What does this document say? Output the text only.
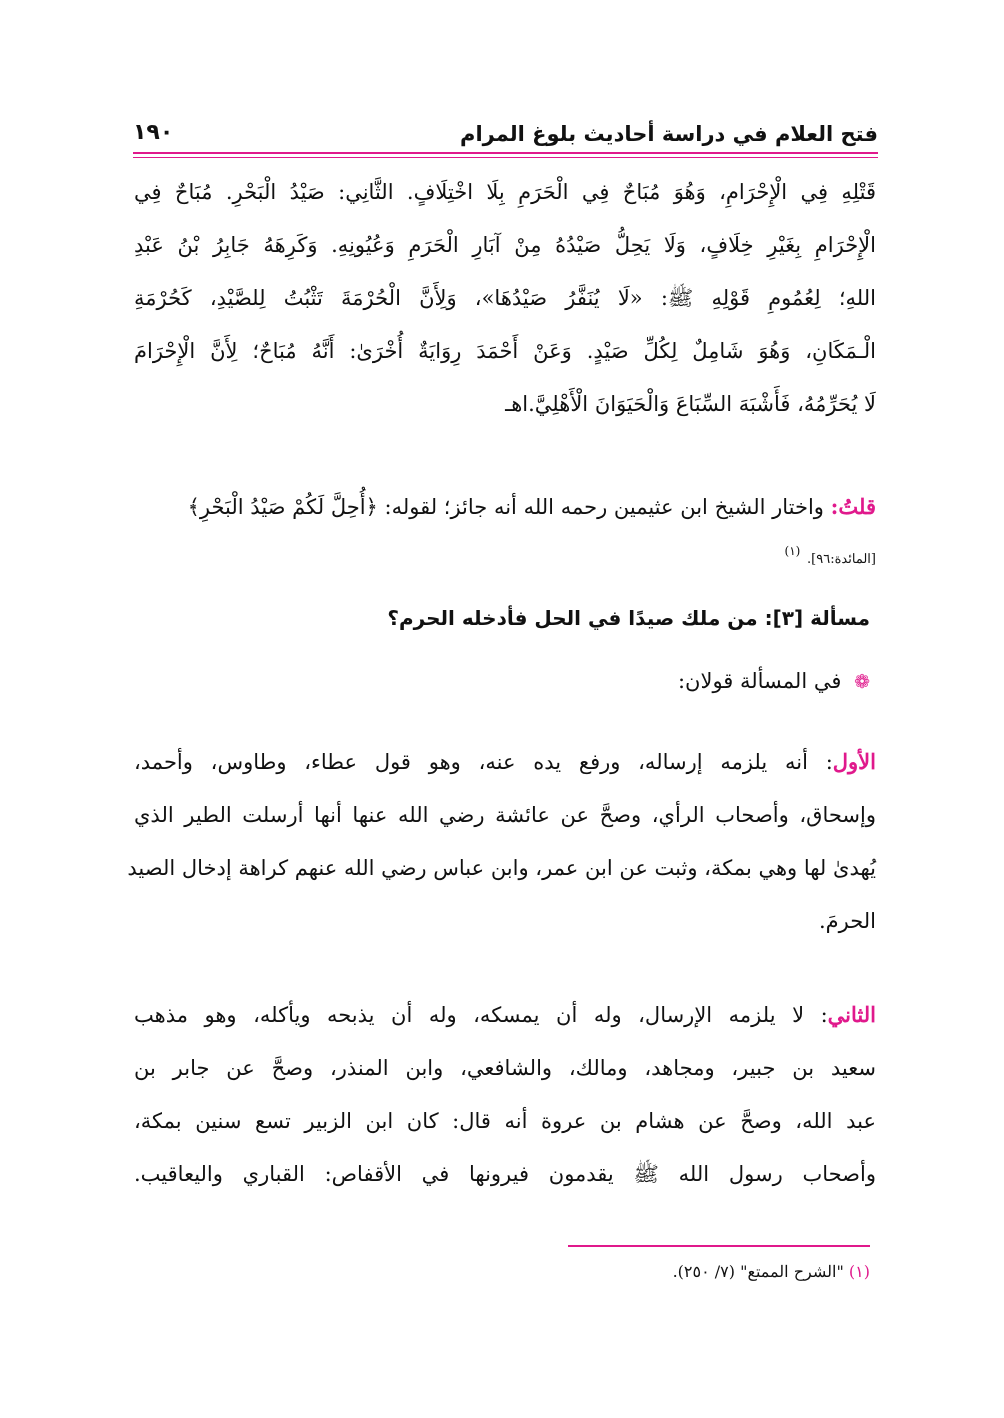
فتح العلام في دراسة أحاديث بلوغ المرام
١٩٠
قَتْلِهِ فِي الْإِحْرَامِ، وَهُوَ مُبَاحٌ فِي الْحَرَمِ بِلَا اخْتِلَافٍ. الثَّانِي: صَيْدُ الْبَحْرِ. مُبَاحٌ فِي
الْإِحْرَامِ بِغَيْرِ خِلَافٍ، وَلَا يَحِلُّ صَيْدُهُ مِنْ آبَارِ الْحَرَمِ وَعُيُونِهِ. وَكَرِهَهُ جَابِرُ بْنُ عَبْدِ
اللهِ؛ لِعُمُومِ قَوْلِهِ ﷺ: «لَا يُنَفَّرُ صَيْدُهَا»، وَلِأَنَّ الْحُرْمَةَ تَثْبُتُ لِلصَّيْدِ، كَحُرْمَةِ
الْـمَكَانِ، وَهُوَ شَامِلٌ لِكُلِّ صَيْدٍ. وَعَنْ أَحْمَدَ رِوَايَةٌ أُخْرَىٰ: أَنَّهُ مُبَاحٌ؛ لِأَنَّ الْإِحْرَامَ
لَا يُحَرِّمُهُ، فَأَشْبَهَ السِّبَاعَ وَالْحَيَوَانَ الْأَهْلِيَّ.اهـ
قلتُ: واختار الشيخ ابن عثيمين رحمه الله أنه جائز؛ لقوله: ﴿أُحِلَّ لَكُمْ صَيْدُ الْبَحْرِ﴾
[المائدة:٩٦]. $^{(١)}$
مسألة [٣]: من ملك صيدًا في الحل فأدخله الحرم؟
❁ في المسألة قولان:
الأول: أنه يلزمه إرساله، ورفع يده عنه، وهو قول عطاء، وطاوس، وأحمد،
وإسحاق، وأصحاب الرأي، وصحَّ عن عائشة رضي الله عنها أنها أرسلت الطير الذي
يُهدىٰ لها وهي بمكة، وثبت عن ابن عمر، وابن عباس رضي الله عنهم كراهة إدخال الصيد
الحرمَ.
الثاني: لا يلزمه الإرسال، وله أن يمسكه، وله أن يذبحه ويأكله، وهو مذهب
سعيد بن جبير، ومجاهد، ومالك، والشافعي، وابن المنذر، وصحَّ عن جابر بن
عبد الله، وصحَّ عن هشام بن عروة أنه قال: كان ابن الزبير تسع سنين بمكة،
وأصحاب رسول الله ﷺ يقدمون فيرونها في الأقفاص: القباري واليعاقيب.
(١) "الشرح الممتع" (٧/ ٢٥٠).
